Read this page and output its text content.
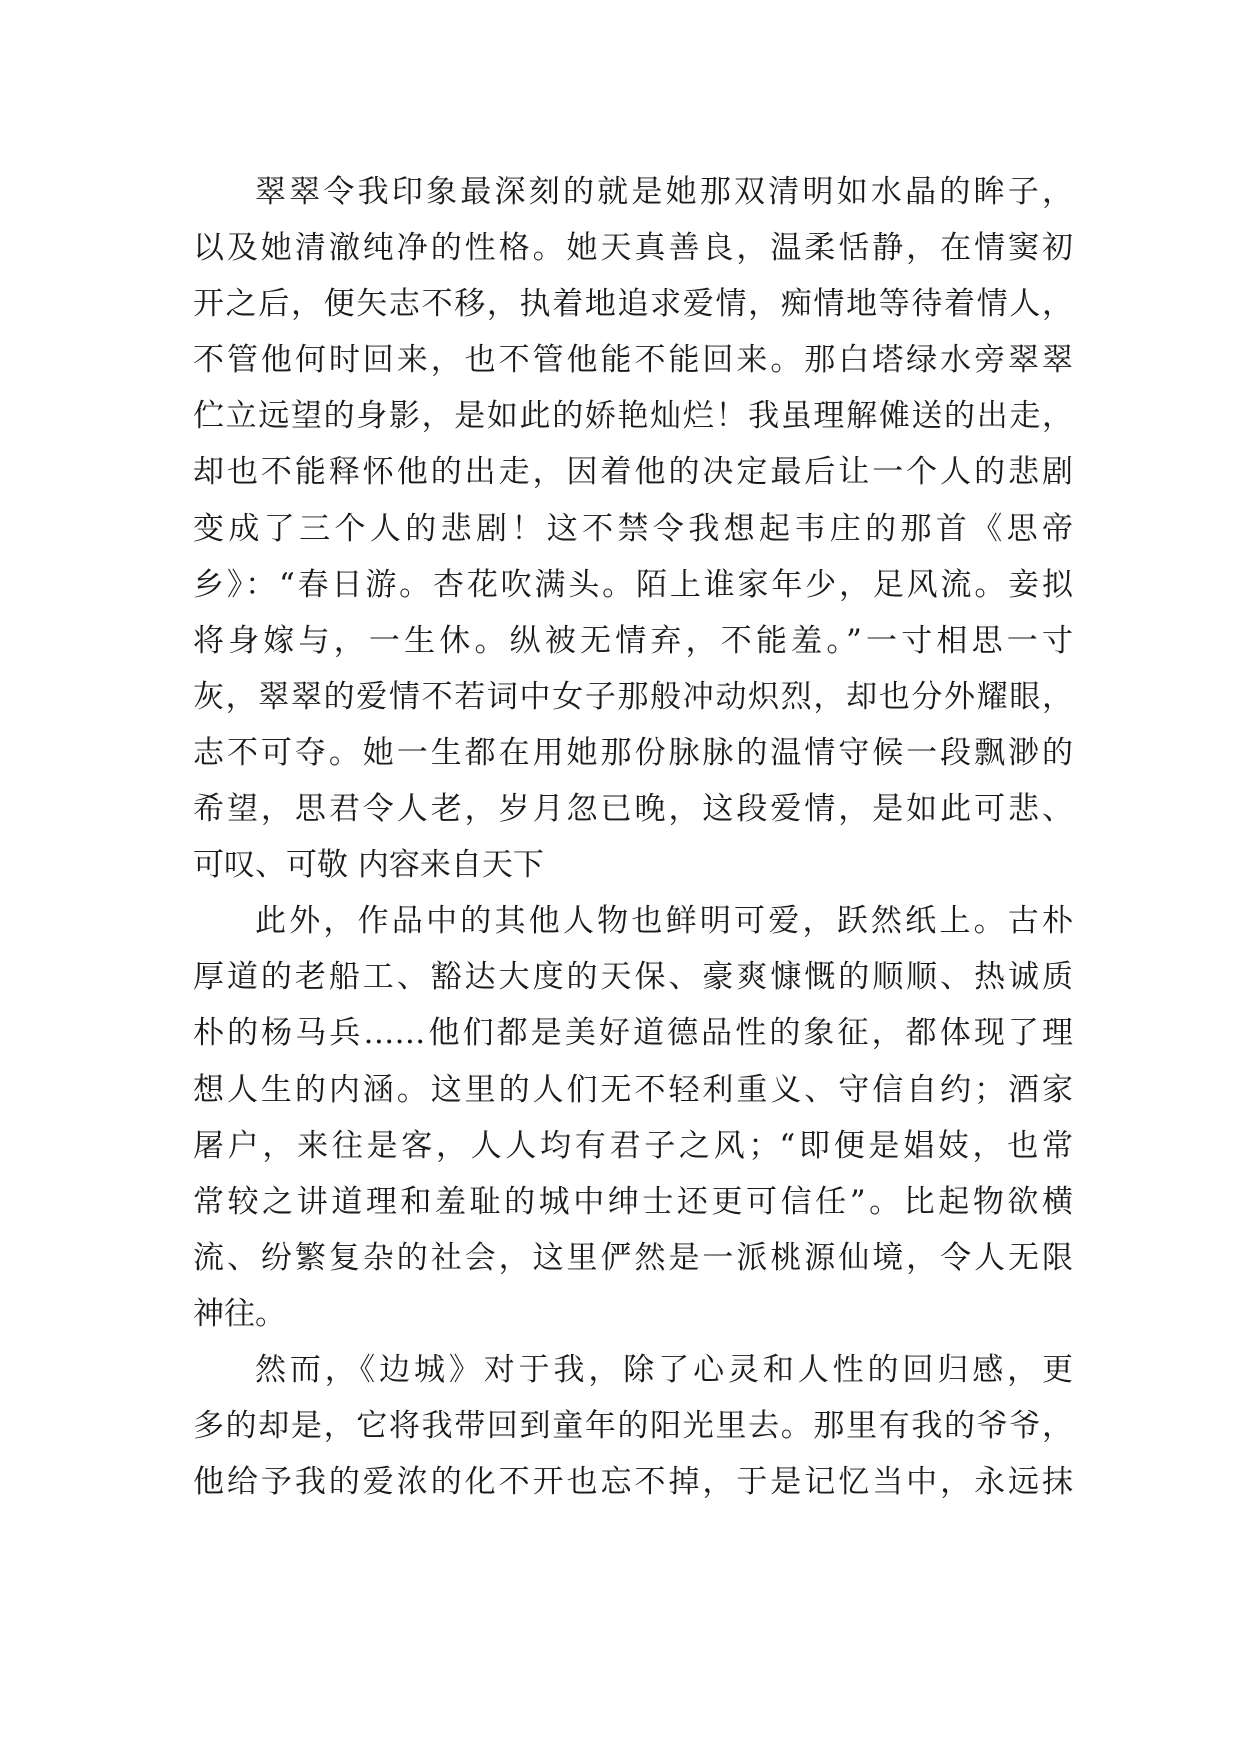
翠翠令我印象最深刻的就是她那双清明如水晶的眸子，
以及她清澈纯净的性格。她天真善良，温柔恬静，在情窦初
开之后，便矢志不移，执着地追求爱情，痴情地等待着情人，
不管他何时回来，也不管他能不能回来。那白塔绿水旁翠翠
伫立远望的身影，是如此的娇艳灿烂！我虽理解傩送的出走，
却也不能释怀他的出走，因着他的决定最后让一个人的悲剧
变成了三个人的悲剧！这不禁令我想起韦庄的那首《思帝
乡》：“春日游。杏花吹满头。陌上谁家年少，足风流。妾拟
将身嫁与，一生休。纵被无情弃，不能羞。”一寸相思一寸
灰，翠翠的爱情不若词中女子那般冲动炽烈，却也分外耀眼，
志不可夺。她一生都在用她那份脉脉的温情守候一段飘渺的
希望，思君令人老，岁月忽已晚，这段爱情，是如此可悲、
可叹、可敬 内容来自天下
此外，作品中的其他人物也鲜明可爱，跃然纸上。古朴
厚道的老船工、豁达大度的天保、豪爽慷慨的顺顺、热诚质
朴的杨马兵……他们都是美好道德品性的象征，都体现了理
想人生的内涵。这里的人们无不轻利重义、守信自约；酒家
屠户，来往是客，人人均有君子之风；“即便是娼妓，也常
常较之讲道理和羞耻的城中绅士还更可信任”。比起物欲横
流、纷繁复杂的社会，这里俨然是一派桃源仙境，令人无限
神往。
然而，《边城》对于我，除了心灵和人性的回归感，更
多的却是，它将我带回到童年的阳光里去。那里有我的爷爷，
他给予我的爱浓的化不开也忘不掉，于是记忆当中，永远抹
